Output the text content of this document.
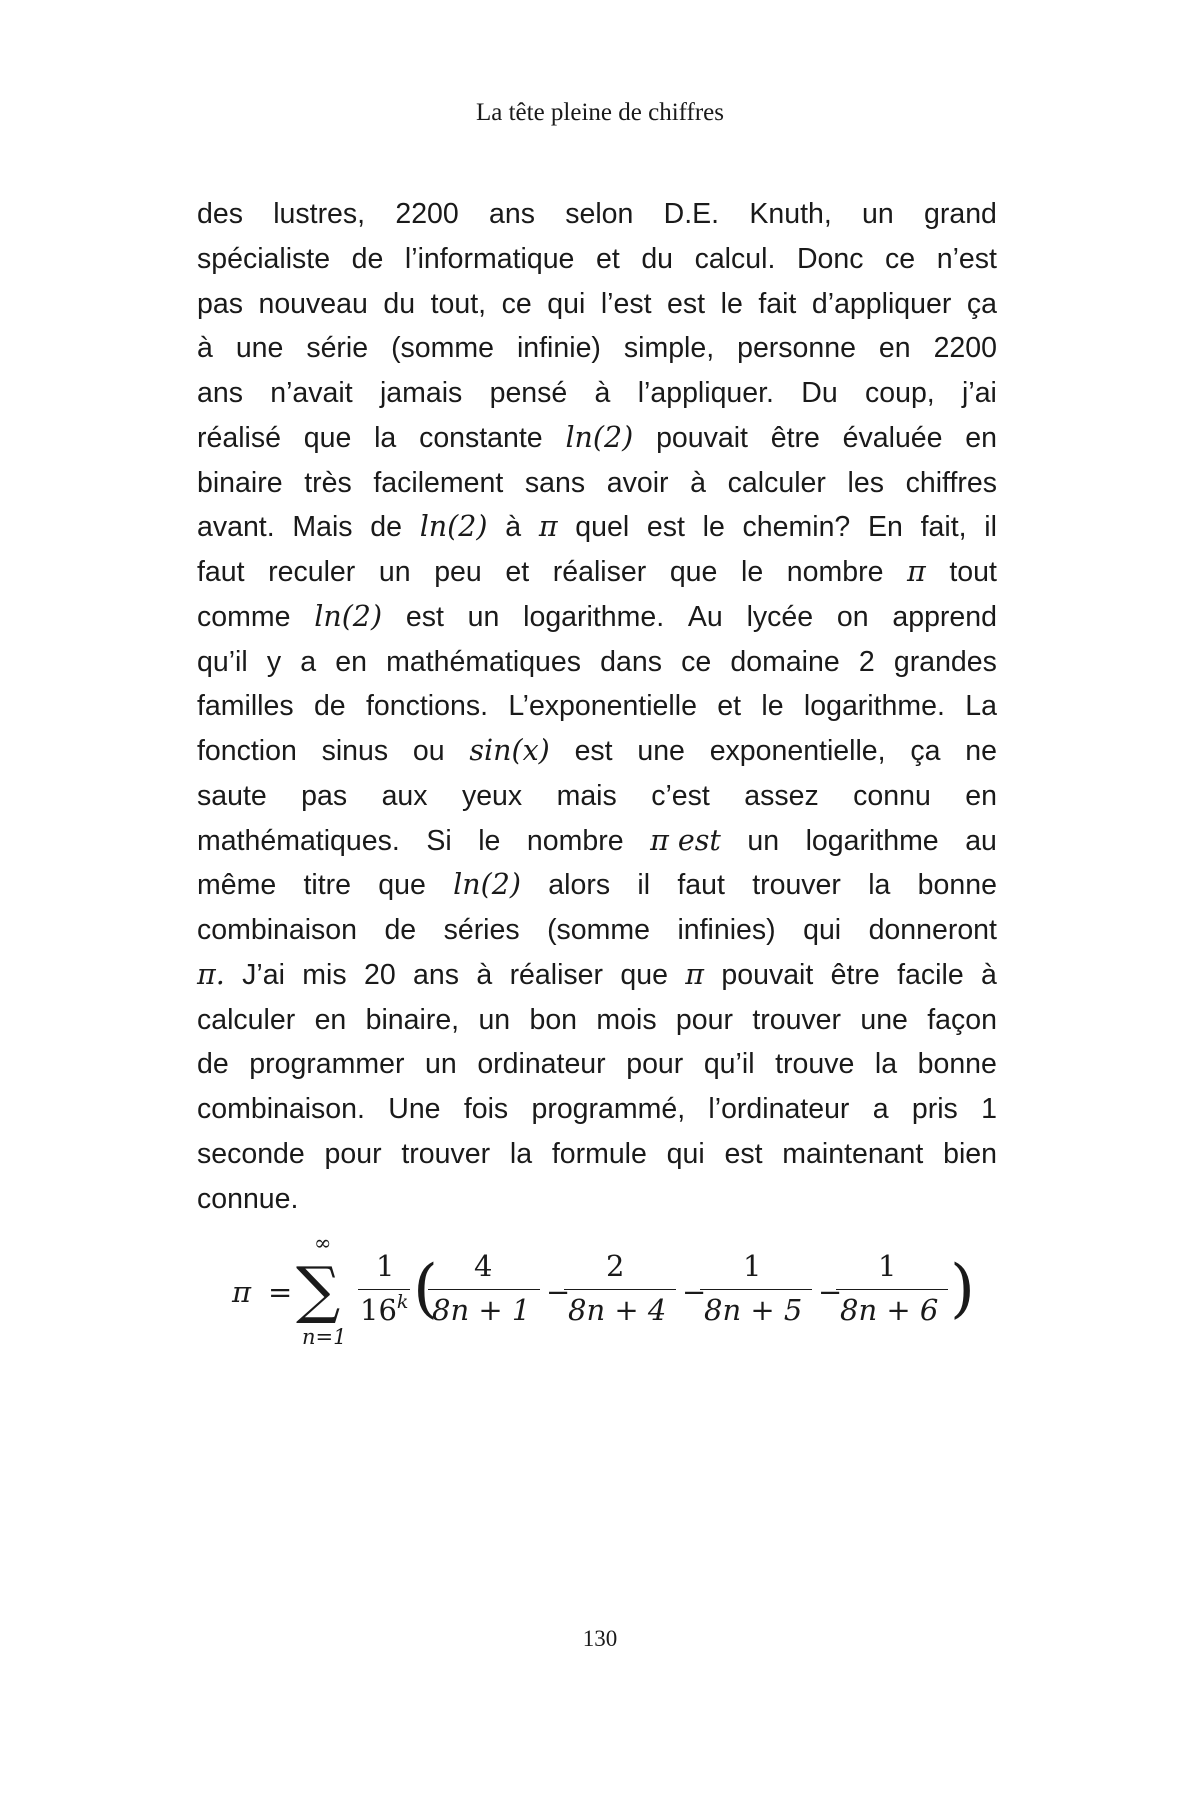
La tête pleine de chiffres
des lustres, 2200 ans selon D.E. Knuth, un grand
spécialiste de l’informatique et du calcul. Donc ce n’est
pas nouveau du tout, ce qui l’est est le fait d’appliquer ça
à une série (somme infinie) simple, personne en 2200
ans n’avait jamais pensé à l’appliquer. Du coup, j’ai
réalisé que la constante ln(2) pouvait être évaluée en
binaire très facilement sans avoir à calculer les chiffres
avant. Mais de ln(2) à π quel est le chemin? En fait, il
faut reculer un peu et réaliser que le nombre π tout
comme ln(2) est un logarithme. Au lycée on apprend
qu’il y a en mathématiques dans ce domaine 2 grandes
familles de fonctions. L’exponentielle et le logarithme. La
fonction sinus ou sin(x) est une exponentielle, ça ne
saute pas aux yeux mais c’est assez connu en
mathématiques. Si le nombre π est un logarithme au
même titre que ln(2) alors il faut trouver la bonne
combinaison de séries (somme infinies) qui donneront
π. J’ai mis 20 ans à réaliser que π pouvait être facile à
calculer en binaire, un bon mois pour trouver une façon
de programmer un ordinateur pour qu’il trouve la bonne
combinaison. Une fois programmé, l’ordinateur a pris 1
seconde pour trouver la formule qui est maintenant bien
connue.
π = ∑
∞
n=1
1
16$^k$ ( 4
8n + 1
−
2
8n + 4
−
1
8n + 5
−
1
8n + 6 )
130
